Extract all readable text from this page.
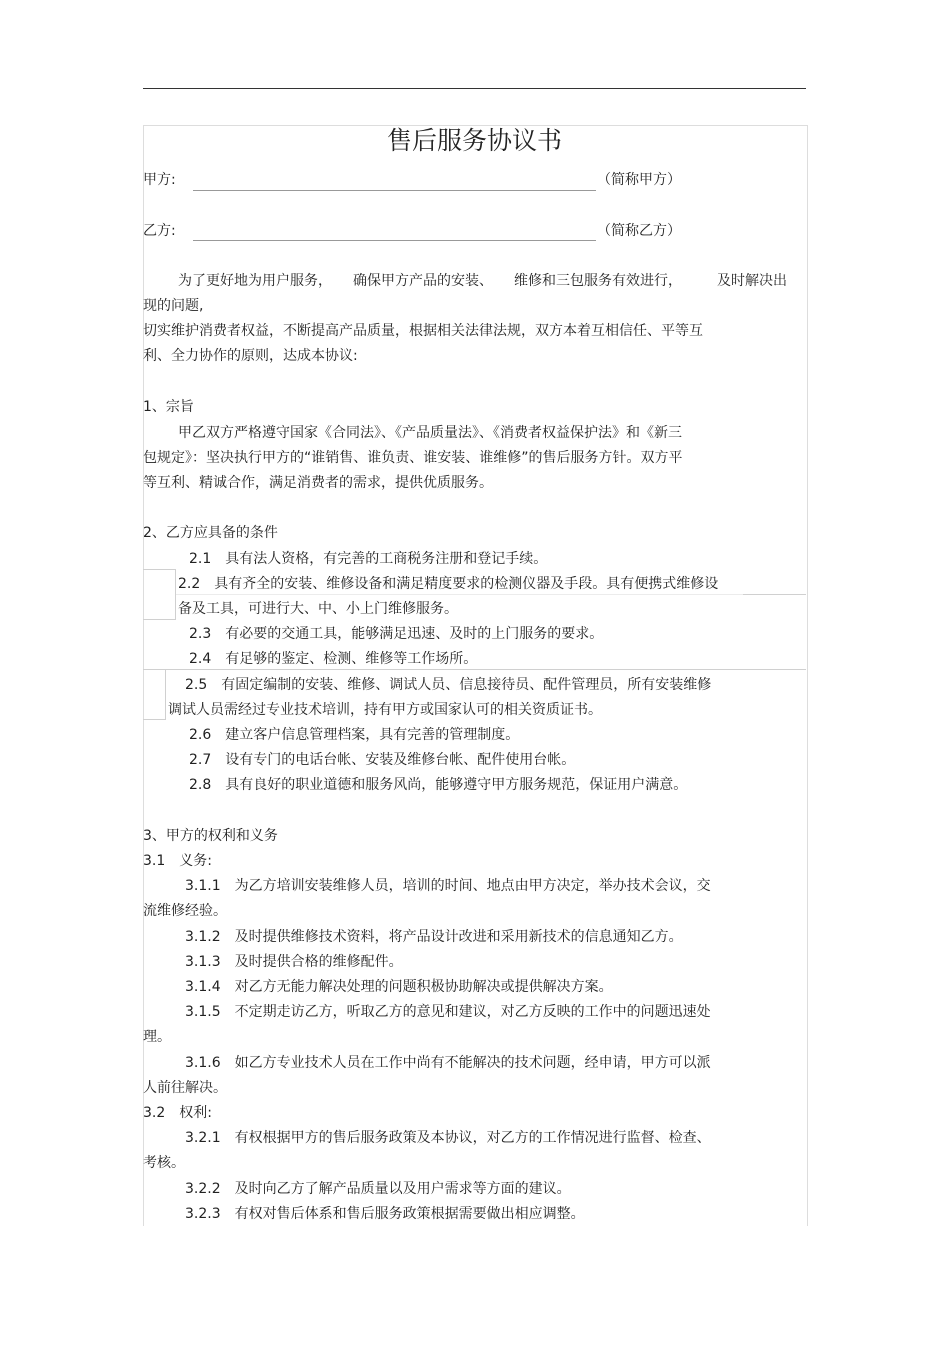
售后服务协议书
甲方:	（简称甲方）
乙方:	（简称乙方）
为了更好地为用户服务，　　确保甲方产品的安装、　　维修和三包服务有效进行，　　　及时解决出
现的问题,
切实维护消费者权益，不断提高产品质量，根据相关法律法规，双方本着互相信任、平等互
利、全力协作的原则，达成本协议:
1、宗旨
甲乙双方严格遵守国家《合同法》、《产品质量法》、《消费者权益保护法》和《新三
包规定》：坚决执行甲方的“谁销售、谁负责、谁安装、谁维修”的售后服务方针。双方平
等互利、精诚合作，满足消费者的需求，提供优质服务。
2、乙方应具备的条件
2.1　具有法人资格，有完善的工商税务注册和登记手续。
2.2　具有齐全的安装、维修设备和满足精度要求的检测仪器及手段。具有便携式维修设
备及工具，可进行大、中、小上门维修服务。
2.3　有必要的交通工具，能够满足迅速、及时的上门服务的要求。
2.4　有足够的鉴定、检测、维修等工作场所。
2.5　有固定编制的安装、维修、调试人员、信息接待员、配件管理员，所有安装维修
调试人员需经过专业技术培训，持有甲方或国家认可的相关资质证书。
2.6　建立客户信息管理档案，具有完善的管理制度。
2.7　设有专门的电话台帐、安装及维修台帐、配件使用台帐。
2.8　具有良好的职业道德和服务风尚，能够遵守甲方服务规范，保证用户满意。
3、甲方的权利和义务
3.1　义务:
3.1.1　为乙方培训安装维修人员，培训的时间、地点由甲方决定，举办技术会议，交
流维修经验。
3.1.2　及时提供维修技术资料，将产品设计改进和采用新技术的信息通知乙方。
3.1.3　及时提供合格的维修配件。
3.1.4　对乙方无能力解决处理的问题积极协助解决或提供解决方案。
3.1.5　不定期走访乙方，听取乙方的意见和建议，对乙方反映的工作中的问题迅速处
理。
3.1.6　如乙方专业技术人员在工作中尚有不能解决的技术问题，经申请，甲方可以派
人前往解决。
3.2　权利:
3.2.1　有权根据甲方的售后服务政策及本协议，对乙方的工作情况进行监督、检查、
考核。
3.2.2　及时向乙方了解产品质量以及用户需求等方面的建议。
3.2.3　有权对售后体系和售后服务政策根据需要做出相应调整。
